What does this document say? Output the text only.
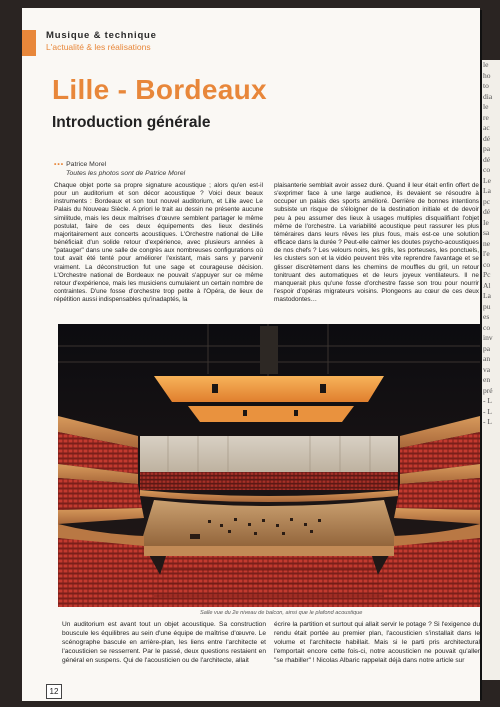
le
ho
to
dia
le
re
ac
dé
pa
dé
co
Le
La
pc
dé
Ie
sa
ne
l'e
co
Pc
Al
La
pu
es
co
inv
pa
an
va
en
pré
- L
- L
- L
Musique & technique
L'actualité & les réalisations
Lille - Bordeaux
Introduction générale
••• Patrice Morel
Toutes les photos sont de Patrice Morel
Chaque objet porte sa propre signature acoustique ; alors qu'en est-il pour un auditorium et son décor acoustique ? Voici deux beaux instruments : Bordeaux et son tout nouvel auditorium, et Lille avec Le Palais du Nouveau Siècle. A priori le trait au dessin ne présente aucune similitude, mais les deux maîtrises d'œuvre semblent partager le même postulat, faire de ces deux équipements des lieux destinés majoritairement aux concerts acoustiques. L'Orchestre national de Lille bénéficiait d'un solide retour d'expérience, avec plusieurs années à "patauger" dans une salle de congrès aux nombreuses configurations où tout avait été tenté pour améliorer l'existant, mais sans y parvenir vraiment. La déconstruction fut une sage et courageuse décision. L'Orchestre national de Bordeaux ne pouvait s'appuyer sur ce même retour d'expérience, mais les musiciens cumulaient un certain nombre de contraintes. D'une fosse d'orchestre trop petite à l'Opéra, de lieux de répétition aussi indispensables qu'inadaptés, la
plaisanterie semblait avoir assez duré. Quand il leur était enfin offert de s'exprimer face à une large audience, ils devaient se résoudre à occuper un palais des sports amélioré. Derrière de bonnes intentions subsiste un risque de s'éloigner de la destination initiale et de devoir peu à peu assumer des lieux à usages multiples disqualifiant l'objet même de l'orchestre. La variabilité acoustique peut rassurer les plus téméraires dans leurs rêves les plus fous, mais est-ce une solution efficace dans la durée ? Peut-elle calmer les doutes psycho-acoustiques de nos chefs ? Les velours noirs, les grils, les porteuses, les ponctuels, les clusters son et la vidéo peuvent très vite reprendre l'avantage et se glisser discrètement dans les chemins de mouffles du gril, un retour tonitruant des automatiques et de leurs joyeux ventilateurs. Il ne manquerait plus qu'une fosse d'orchestre fasse son trou pour nourrir l'espoir d'opéras migrateurs voisins. Plongeons au cœur de ces deux mastodontes…
Salle vue du 2e niveau de balcon, ainsi que le plafond acoustique
Un auditorium est avant tout un objet acoustique. Sa construction bouscule les équilibres au sein d'une équipe de maîtrise d'œuvre. Le scénographe bascule en arrière-plan, les liens entre l'architecte et l'acousticien se resserrent. Par le passé, deux questions restaient en général en suspens. Qui de l'acousticien ou de l'architecte, allait
écrire la partition et surtout qui allait servir le potage ? Si l'exigence du rendu était portée au premier plan, l'acousticien s'installait dans le volume et l'architecte habillait. Mais si le parti pris architectural l'emportait encore cette fois-ci, notre acousticien ne pouvait qu'aller "se rhabiller" ! Nicolas Albaric rappelait déjà dans notre article sur
12
